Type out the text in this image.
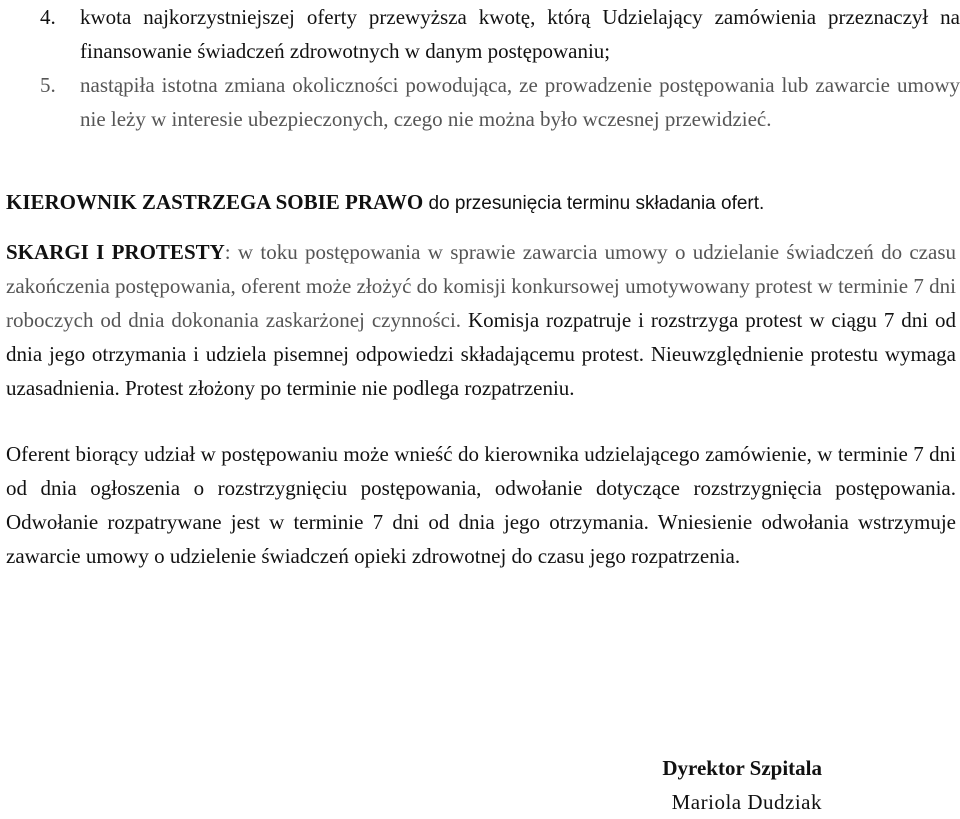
4.	kwota najkorzystniejszej oferty przewyższa kwotę, którą Udzielający zamówienia przeznaczył na finansowanie świadczeń zdrowotnych w danym postępowaniu;
5.	nastąpiła istotna zmiana okoliczności powodująca, ze prowadzenie postępowania lub zawarcie umowy nie leży w interesie ubezpieczonych, czego nie można było wczesnej przewidzieć.
KIEROWNIK ZASTRZEGA SOBIE PRAWO do przesunięcia terminu składania ofert.
SKARGI I PROTESTY: w toku postępowania w sprawie zawarcia umowy o udzielanie świadczeń do czasu zakończenia postępowania, oferent może złożyć do komisji konkursowej umotywowany protest w terminie 7 dni roboczych od dnia dokonania zaskarżonej czynności. Komisja rozpatruje i rozstrzyga protest w ciągu 7 dni od dnia jego otrzymania i udziela pisemnej odpowiedzi składającemu protest. Nieuwzględnienie protestu wymaga uzasadnienia. Protest złożony po terminie nie podlega rozpatrzeniu.
Oferent biorący udział w postępowaniu może wnieść do kierownika udzielającego zamówienie, w terminie 7 dni od dnia ogłoszenia o rozstrzygnięciu postępowania, odwołanie dotyczące rozstrzygnięcia postępowania. Odwołanie rozpatrywane jest w terminie 7 dni od dnia jego otrzymania. Wniesienie odwołania wstrzymuje zawarcie umowy o udzielenie świadczeń opieki zdrowotnej do czasu jego rozpatrzenia.
Dyrektor Szpitala
Mariola Dudziak
